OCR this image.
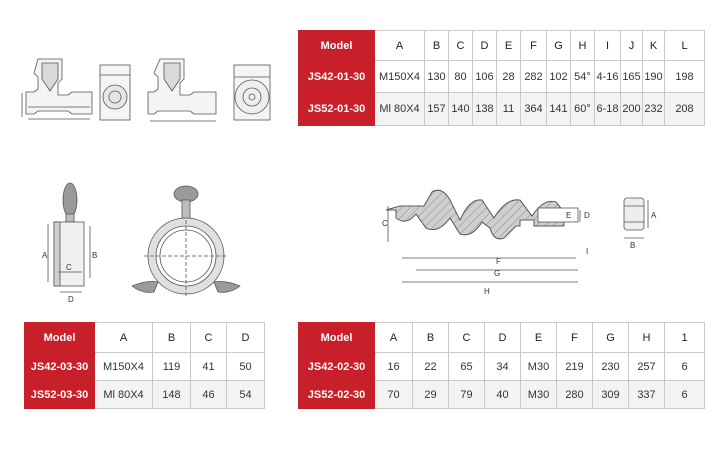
Model	A	B	C	D	E	F	G	H	I	J	K	L
JS42-01-30	M150X4	130	80	106	28	282	102	54°	4-16	165	190	198
JS52-01-30	Ml 80X4	157	140	138	11	364	141	60°	6-18	200	232	208
A	B
C
D
C
E D
F
G
H
I
A
B
Model	A	B	C	D
JS42-03-30	M150X4	119	41	50
JS52-03-30	Ml 80X4	148	46	54
Model	A	B	C	D	E	F	G	H	1
JS42-02-30	16	22	65	34	M30	219	230	257	6
JS52-02-30	70	29	79	40	M30	280	309	337	6
